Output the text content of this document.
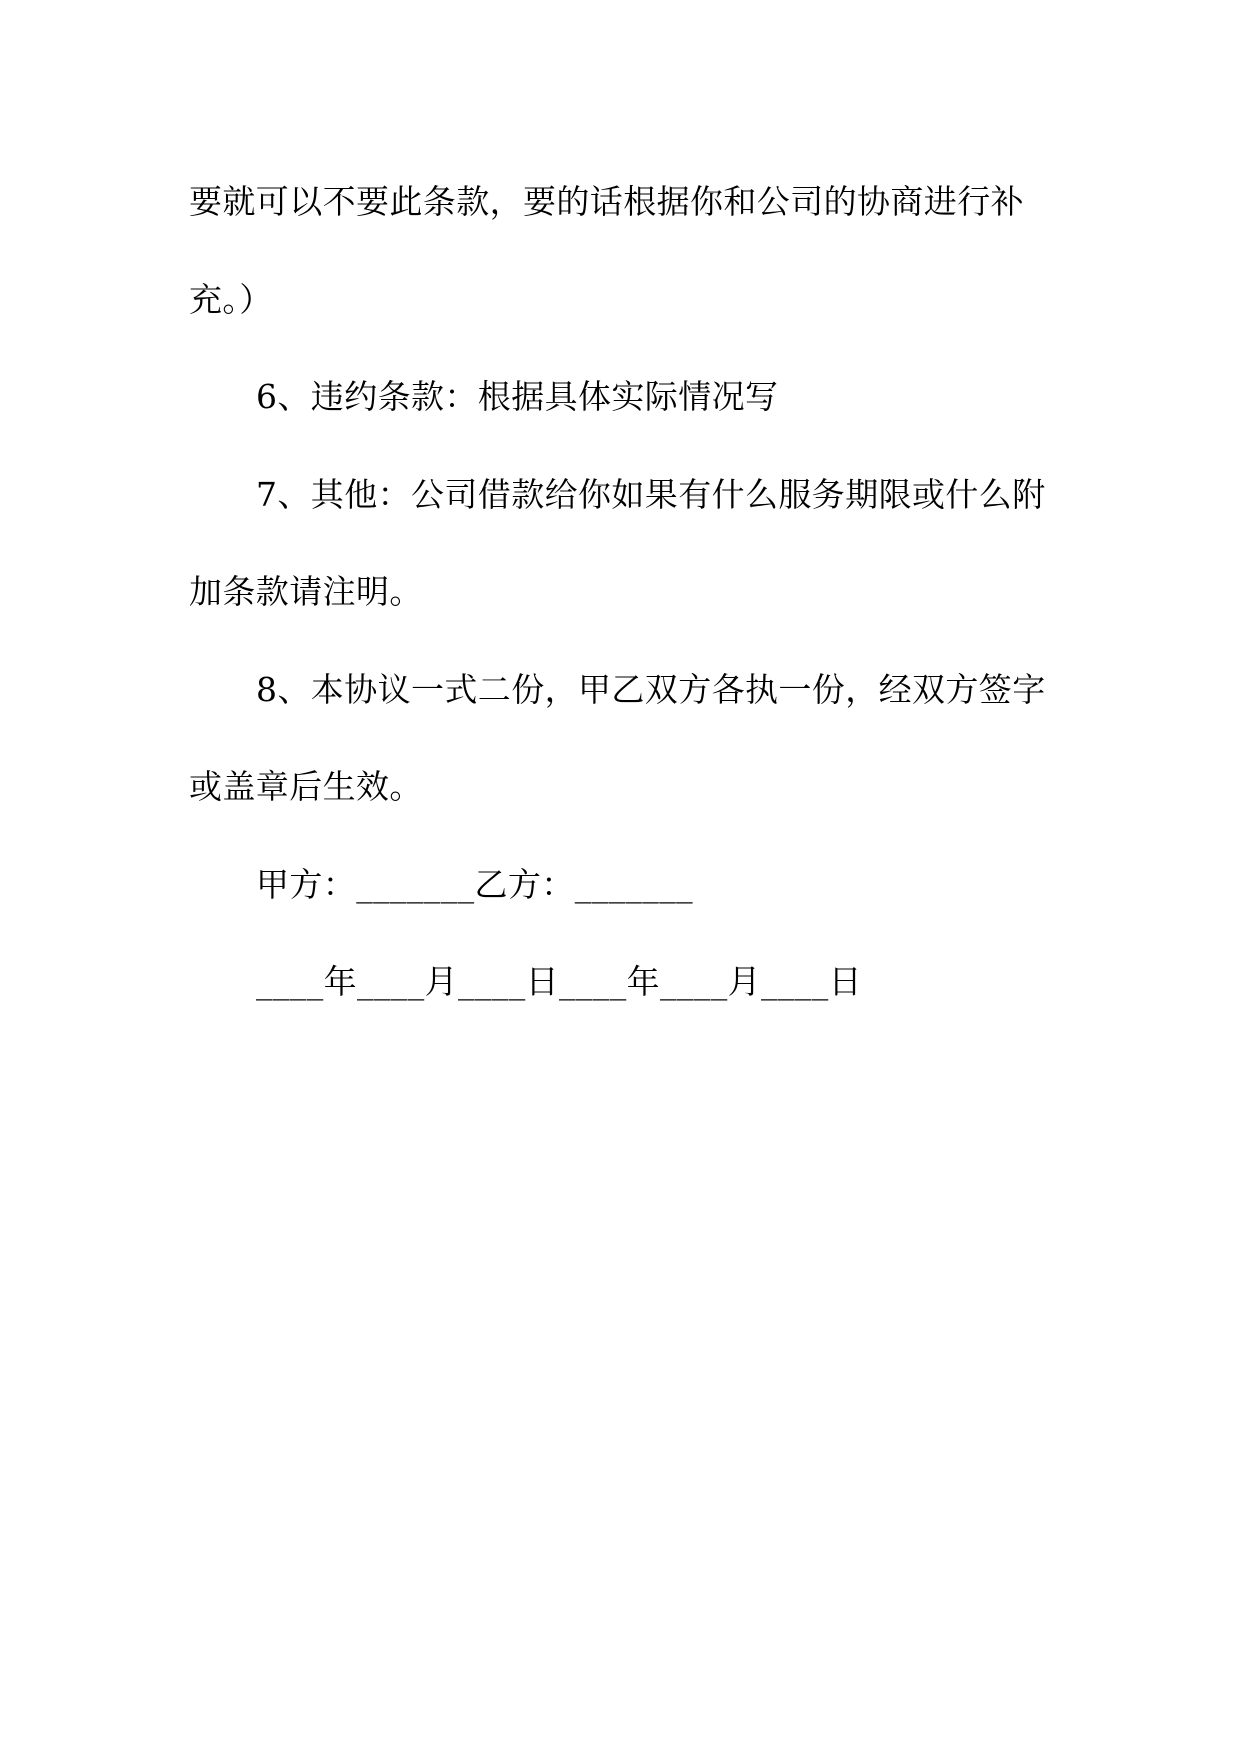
要就可以不要此条款，要的话根据你和公司的协商进行补
充。）
6、违约条款：根据具体实际情况写
7、其他：公司借款给你如果有什么服务期限或什么附
加条款请注明。
8、本协议一式二份，甲乙双方各执一份，经双方签字
或盖章后生效。
甲方：_______乙方：_______
____年____月____日____年____月____日
